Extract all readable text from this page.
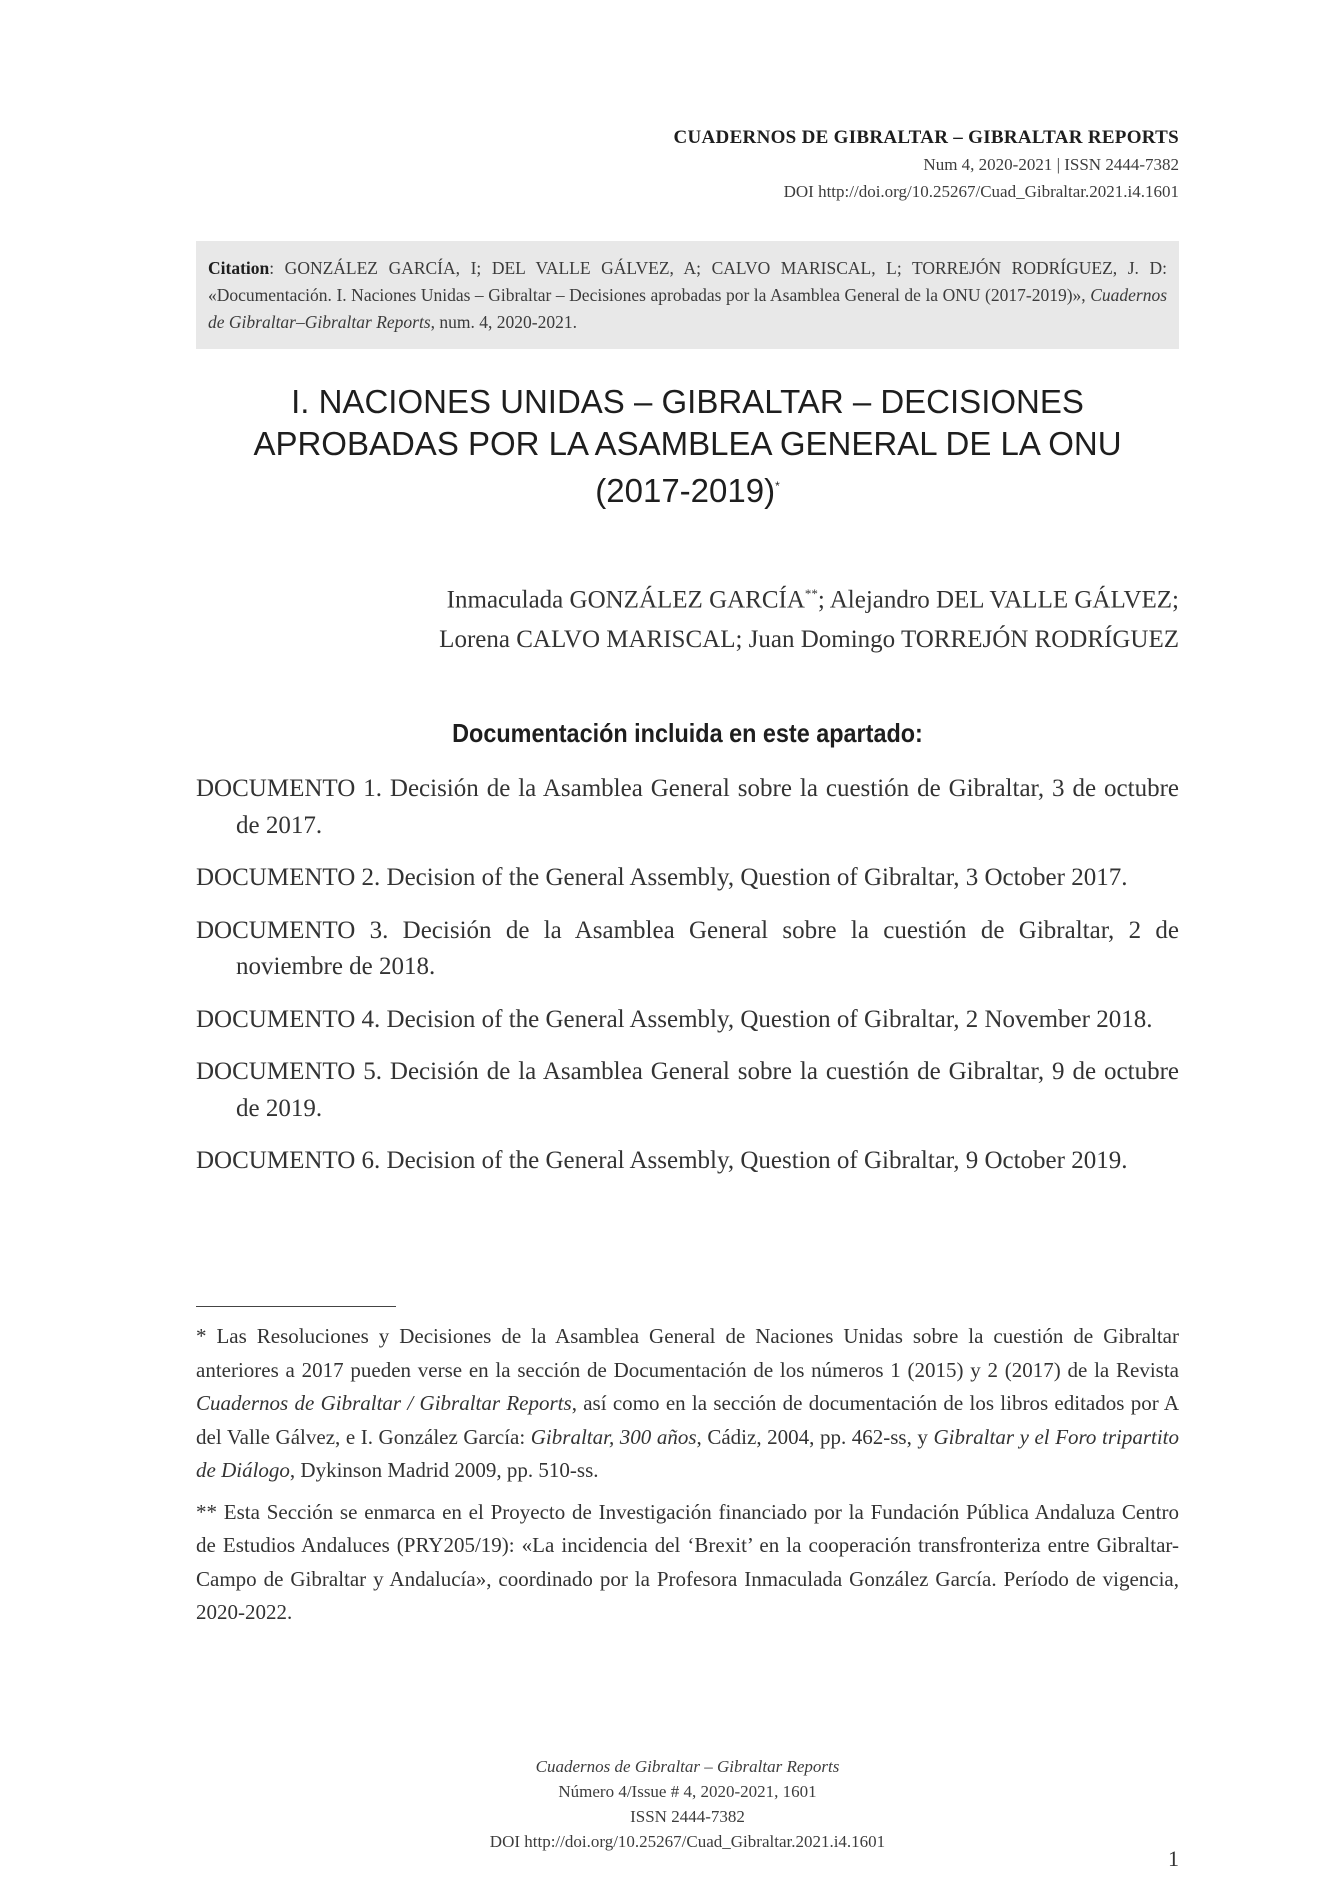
CUADERNOS DE GIBRALTAR – GIBRALTAR REPORTS
Num 4, 2020-2021 | ISSN 2444-7382
DOI http://doi.org/10.25267/Cuad_Gibraltar.2021.i4.1601
Citation: GONZÁLEZ GARCÍA, I; DEL VALLE GÁLVEZ, A; CALVO MARISCAL, L; TORREJÓN RODRÍGUEZ, J. D: «Documentación. I. Naciones Unidas – Gibraltar – Decisiones aprobadas por la Asamblea General de la ONU (2017-2019)», Cuadernos de Gibraltar–Gibraltar Reports, num. 4, 2020-2021.
I. NACIONES UNIDAS – GIBRALTAR – DECISIONES
APROBADAS POR LA ASAMBLEA GENERAL DE LA ONU
(2017-2019)*
Inmaculada GONZÁLEZ GARCÍA**; Alejandro DEL VALLE GÁLVEZ;
Lorena CALVO MARISCAL; Juan Domingo TORREJÓN RODRÍGUEZ
Documentación incluida en este apartado:
DOCUMENTO 1. Decisión de la Asamblea General sobre la cuestión de Gibraltar, 3 de octubre de 2017.
DOCUMENTO 2. Decision of the General Assembly, Question of Gibraltar, 3 October 2017.
DOCUMENTO 3. Decisión de la Asamblea General sobre la cuestión de Gibraltar, 2 de noviembre de 2018.
DOCUMENTO 4. Decision of the General Assembly, Question of Gibraltar, 2 November 2018.
DOCUMENTO 5. Decisión de la Asamblea General sobre la cuestión de Gibraltar, 9 de octubre de 2019.
DOCUMENTO 6. Decision of the General Assembly, Question of Gibraltar, 9 October 2019.
* Las Resoluciones y Decisiones de la Asamblea General de Naciones Unidas sobre la cuestión de Gibraltar anteriores a 2017 pueden verse en la sección de Documentación de los números 1 (2015) y 2 (2017) de la Revista Cuadernos de Gibraltar / Gibraltar Reports, así como en la sección de documentación de los libros editados por A del Valle Gálvez, e I. González García: Gibraltar, 300 años, Cádiz, 2004, pp. 462-ss, y Gibraltar y el Foro tripartito de Diálogo, Dykinson Madrid 2009, pp. 510-ss.
** Esta Sección se enmarca en el Proyecto de Investigación financiado por la Fundación Pública Andaluza Centro de Estudios Andaluces (PRY205/19): «La incidencia del ‘Brexit’ en la cooperación transfronteriza entre Gibraltar-Campo de Gibraltar y Andalucía», coordinado por la Profesora Inmaculada González García. Período de vigencia, 2020-2022.
Cuadernos de Gibraltar – Gibraltar Reports
Número 4/Issue # 4, 2020-2021, 1601
ISSN 2444-7382
DOI http://doi.org/10.25267/Cuad_Gibraltar.2021.i4.1601
1
